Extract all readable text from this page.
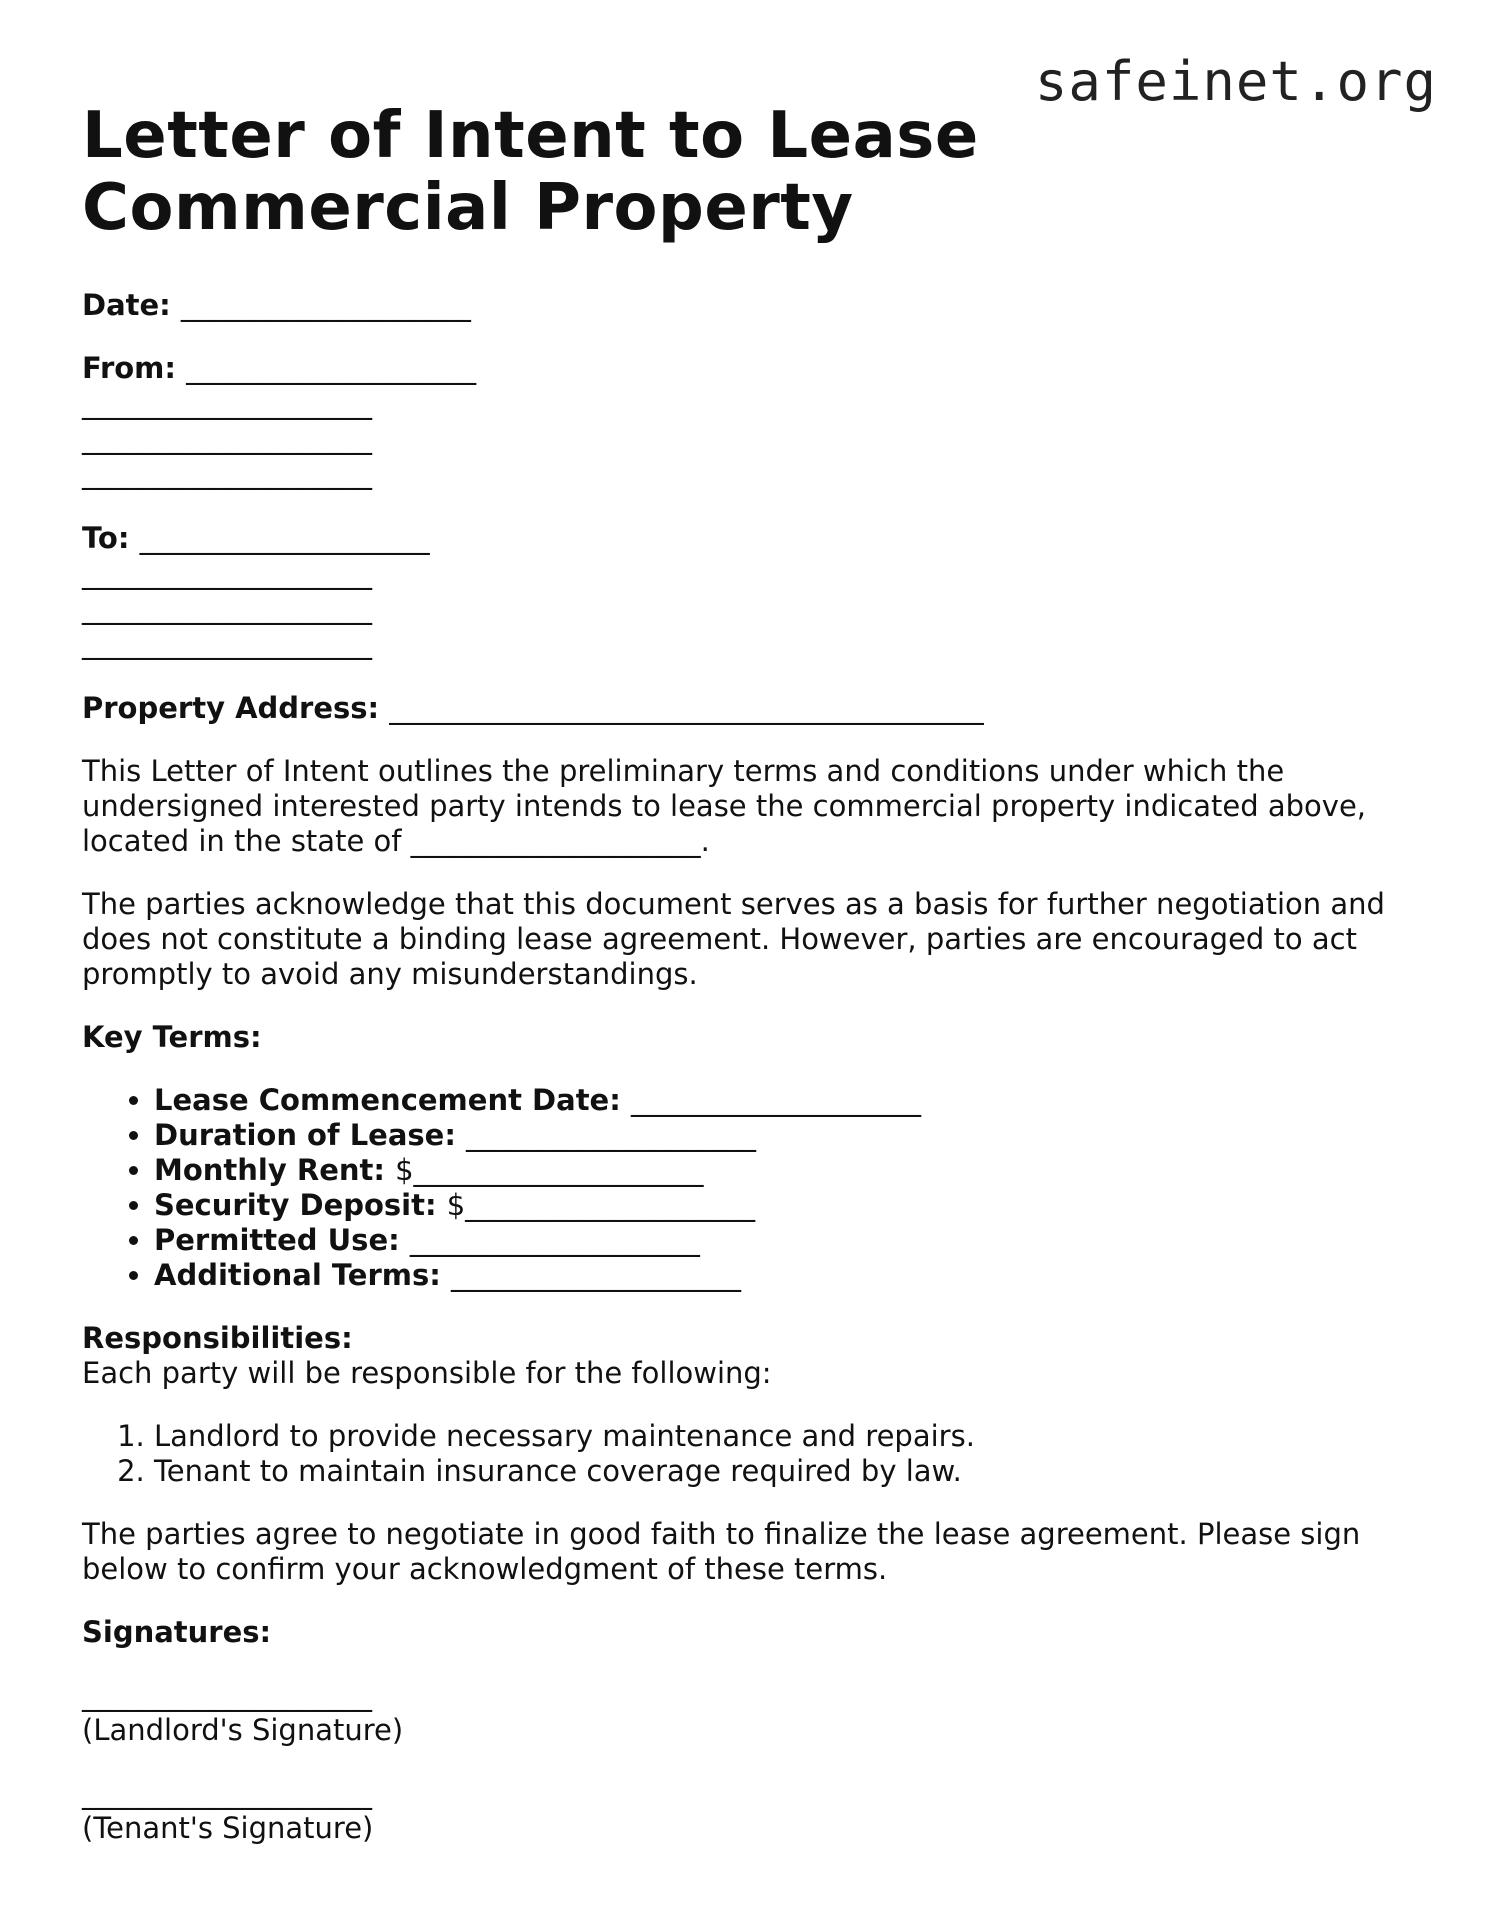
safeinet.org
Letter of Intent to Lease Commercial Property

Date: ____________________

From: ____________________

____________________

____________________

____________________

To: ____________________

____________________

____________________

____________________

Property Address: _________________________________________

This Letter of Intent outlines the preliminary terms and conditions under which the undersigned interested party intends to lease the commercial property indicated above, located in the state of ____________________.

The parties acknowledge that this document serves as a basis for further negotiation and does not constitute a binding lease agreement. However, parties are encouraged to act promptly to avoid any misunderstandings.

Key Terms:

• Lease Commencement Date: ____________________
• Duration of Lease: ____________________
• Monthly Rent: $____________________
• Security Deposit: $____________________
• Permitted Use: ____________________
• Additional Terms: ____________________

Responsibilities:

Each party will be responsible for the following:

1. Landlord to provide necessary maintenance and repairs.
2. Tenant to maintain insurance coverage required by law.

The parties agree to negotiate in good faith to finalize the lease agreement. Please sign below to confirm your acknowledgment of these terms.

Signatures:

____________________

(Landlord's Signature)

____________________

(Tenant's Signature)
